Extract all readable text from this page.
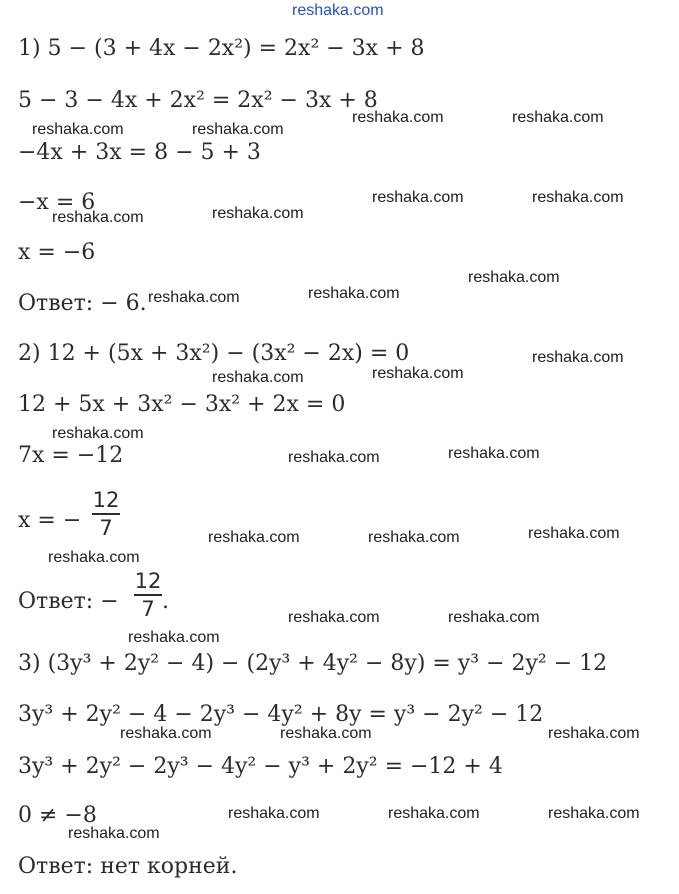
reshaka.com

1) 5 − (3 + 4x − 2x²) = 2x² − 3x + 8

5 − 3 − 4x + 2x² = 2x² − 3x + 8

−4x + 3x = 8 − 5 + 3

−x = 6

x = −6

Ответ: − 6.

2) 12 + (5x + 3x²) − (3x² − 2x) = 0

12 + 5x + 3x² − 3x² + 2x = 0

7x = −12

x = −

12
7

Ответ: −

12
7 .

3) (3y³ + 2y² − 4) − (2y³ + 4y² − 8y) = y³ − 2y² − 12

3y³ + 2y² − 4 − 2y³ − 4y² + 8y = y³ − 2y² − 12

3y³ + 2y² − 2y³ − 4y² − y³ + 2y² = −12 + 4

0 ≠ −8

Ответ: нет корней.

reshaka.com	reshaka.com
reshaka.com	reshaka.com
reshaka.com	reshaka.com
reshaka.com	reshaka.com
reshaka.com
reshaka.com	reshaka.com
reshaka.com
reshaka.com	reshaka.com
reshaka.com
reshaka.com	reshaka.com
reshaka.com	reshaka.com	reshaka.com
reshaka.com
reshaka.com	reshaka.com
reshaka.com
reshaka.com	reshaka.com	reshaka.com
reshaka.com	reshaka.com	reshaka.com
reshaka.com
